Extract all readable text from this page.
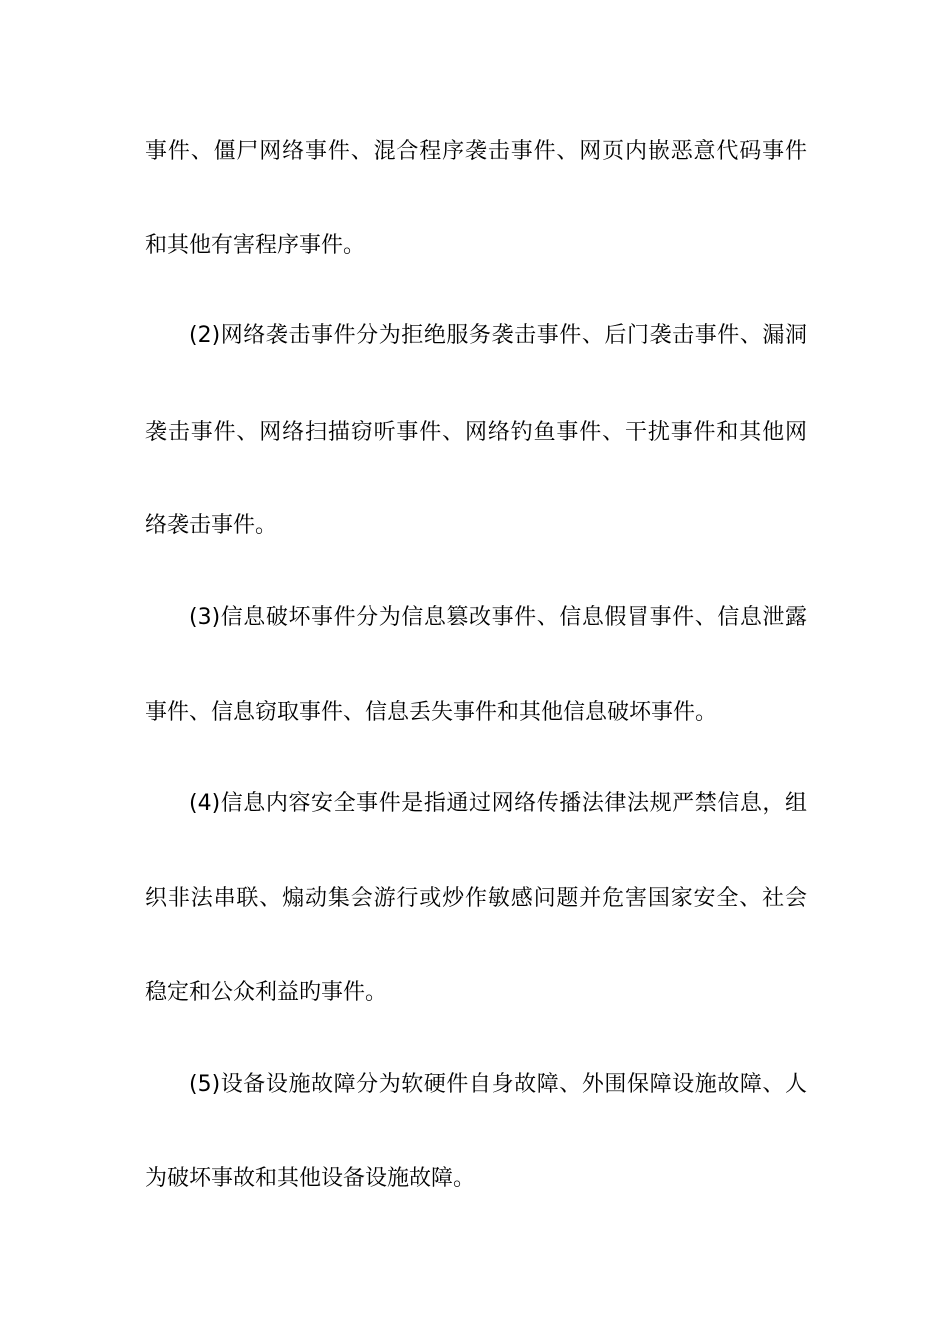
事件、僵尸网络事件、混合程序袭击事件、网页内嵌恶意代码事件
和其他有害程序事件。
(2)网络袭击事件分为拒绝服务袭击事件、后门袭击事件、漏洞
袭击事件、网络扫描窃听事件、网络钓鱼事件、干扰事件和其他网
络袭击事件。
(3)信息破坏事件分为信息篡改事件、信息假冒事件、信息泄露
事件、信息窃取事件、信息丢失事件和其他信息破坏事件。
(4)信息内容安全事件是指通过网络传播法律法规严禁信息，组
织非法串联、煽动集会游行或炒作敏感问题并危害国家安全、社会
稳定和公众利益旳事件。
(5)设备设施故障分为软硬件自身故障、外围保障设施故障、人
为破坏事故和其他设备设施故障。
